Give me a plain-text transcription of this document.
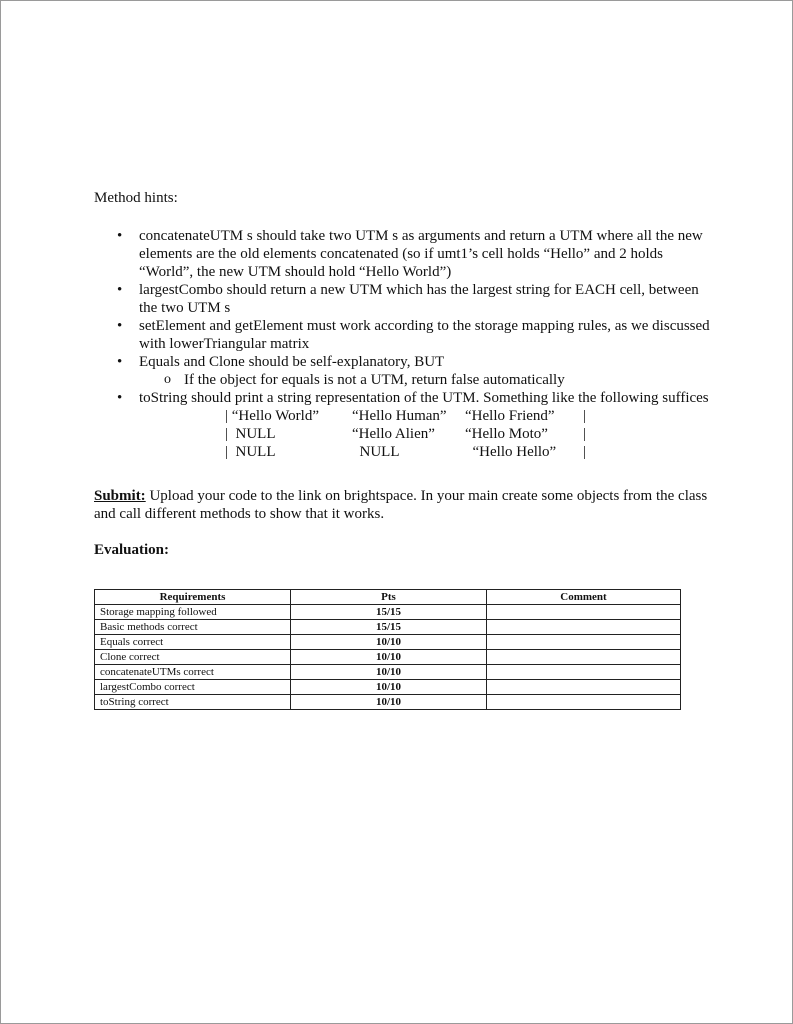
Method hints:
• concatenateUTM s should take two UTM s as arguments and return a UTM where all the new elements are the old elements concatenated (so if umt1’s cell holds “Hello” and 2 holds “World”, the new UTM should hold “Hello World”)
• largestCombo should return a new UTM which has the largest string for EACH cell, between the two UTM s
• setElement and getElement must work according to the storage mapping rules, as we discussed with lowerTriangular matrix
• Equals and Clone should be self-explanatory, BUT
o If the object for equals is not a UTM, return false automatically
• toString should print a string representation of the UTM. Something like the following suffices
| “Hello World”	“Hello Human”	“Hello Friend”	|
|  NULL	“Hello Alien”	“Hello Moto”	|
|  NULL	NULL	“Hello Hello”	|
Submit: Upload your code to the link on brightspace. In your main create some objects from the class and call different methods to show that it works.
Evaluation:
Requirements	Pts	Comment
Storage mapping followed	15/15	
Basic methods correct	15/15	
Equals correct	10/10	
Clone correct	10/10	
concatenateUTMs correct	10/10	
largestCombo correct	10/10	
toString correct	10/10	
